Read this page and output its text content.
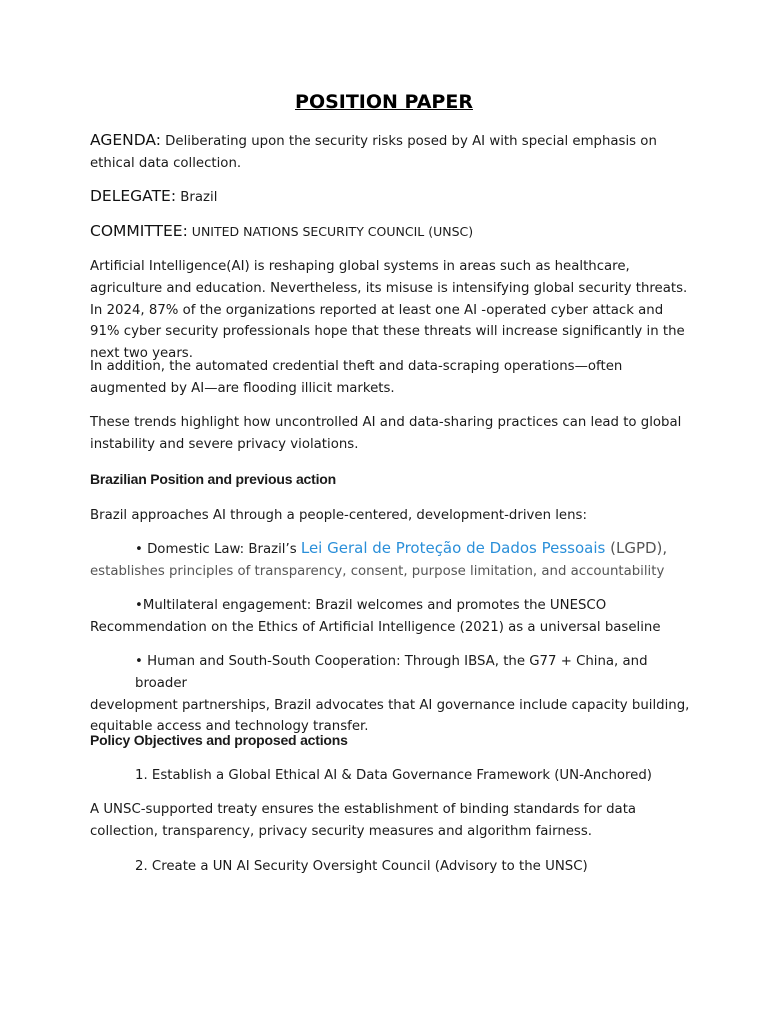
POSITION PAPER
AGENDA: Deliberating upon the security risks posed by AI with special emphasis on ethical data collection.
DELEGATE: Brazil
COMMITTEE: UNITED NATIONS SECURITY COUNCIL (UNSC)
Artificial Intelligence(AI) is reshaping global systems in areas such as healthcare, agriculture and education. Nevertheless, its misuse is intensifying global security threats. In 2024, 87% of the organizations reported at least one AI -operated cyber attack and 91% cyber security professionals hope that these threats will increase significantly in the next two years.
In addition, the automated credential theft and data-scraping operations—often augmented by AI—are flooding illicit markets.
These trends highlight how uncontrolled AI and data-sharing practices can lead to global instability and severe privacy violations.
Brazilian Position and previous action
Brazil approaches AI through a people-centered, development-driven lens:
• Domestic Law: Brazil’s Lei Geral de Proteção de Dados Pessoais (LGPD),
establishes principles of transparency, consent, purpose limitation, and accountability
•Multilateral engagement: Brazil welcomes and promotes the UNESCO
Recommendation on the Ethics of Artificial Intelligence (2021) as a universal baseline
• Human and South-South Cooperation: Through IBSA, the G77 + China, and broader
development partnerships, Brazil advocates that AI governance include capacity building, equitable access and technology transfer.
Policy Objectives and proposed actions
1. Establish a Global Ethical AI & Data Governance Framework (UN-Anchored)
A UNSC-supported treaty ensures the establishment of binding standards for data collection, transparency, privacy security measures and algorithm fairness.
2. Create a UN AI Security Oversight Council (Advisory to the UNSC)
